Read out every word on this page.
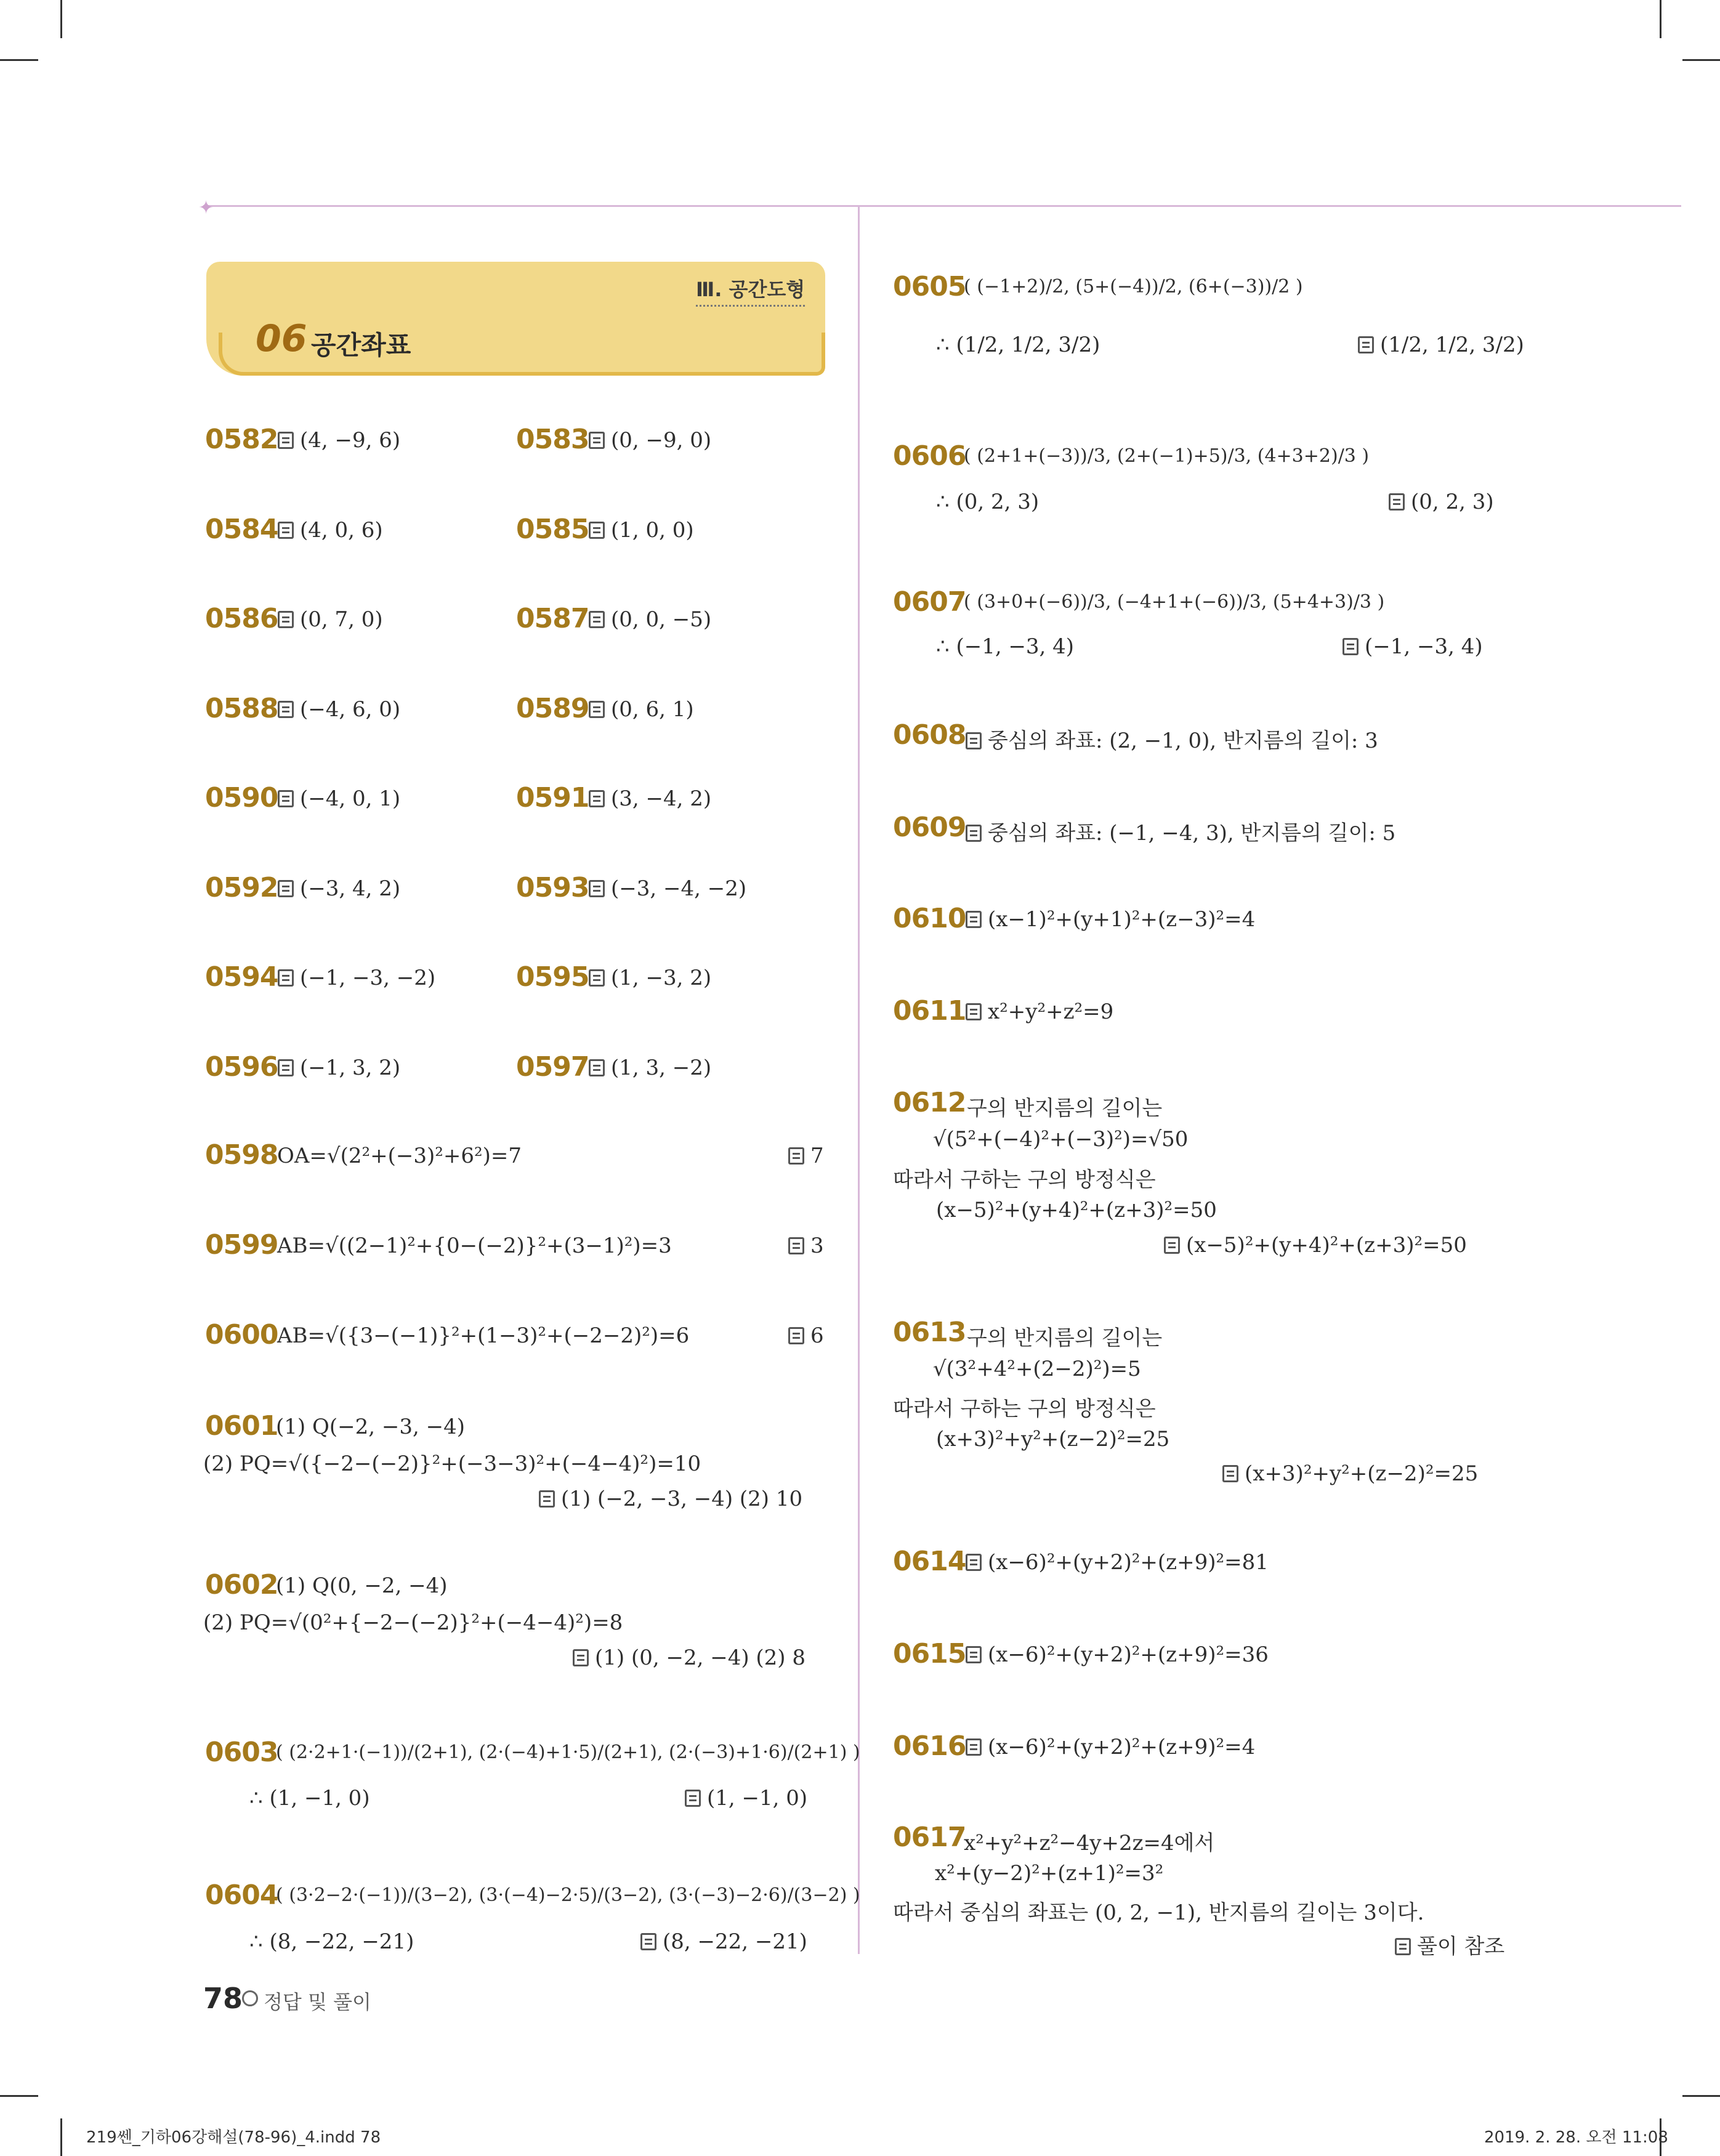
✦
Ⅲ. 공간도형
06 공간좌표
0582	(4, −9, 6)	0583	(0, −9, 0)
0584	(4, 0, 6)	0585	(1, 0, 0)
0586	(0, 7, 0)	0587	(0, 0, −5)
0588	(−4, 6, 0)	0589	(0, 6, 1)
0590	(−4, 0, 1)	0591	(3, −4, 2)
0592	(−3, 4, 2)	0593	(−3, −4, −2)
0594	(−1, −3, −2)	0595	(1, −3, 2)
0596	(−1, 3, 2)	0597	(1, 3, −2)
0598
OA=√(2²+(−3)²+6²)=7	7
0599
AB=√((2−1)²+{0−(−2)}²+(3−1)²)=3	3
0600
AB=√({3−(−1)}²+(1−3)²+(−2−2)²)=6	6
0601
(1) Q(−2, −3, −4)
(2) PQ=√({−2−(−2)}²+(−3−3)²+(−4−4)²)=10
(1) (−2, −3, −4) (2) 10
0602
(1) Q(0, −2, −4)
(2) PQ=√(0²+{−2−(−2)}²+(−4−4)²)=8
(1) (0, −2, −4) (2) 8
0603
( (2·2+1·(−1))/(2+1), (2·(−4)+1·5)/(2+1), (2·(−3)+1·6)/(2+1) )
∴ (1, −1, 0)	(1, −1, 0)
0604
( (3·2−2·(−1))/(3−2), (3·(−4)−2·5)/(3−2), (3·(−3)−2·6)/(3−2) )
∴ (8, −22, −21)	(8, −22, −21)
0605
( (−1+2)/2, (5+(−4))/2, (6+(−3))/2 )
∴ (1/2, 1/2, 3/2)	(1/2, 1/2, 3/2)
0606
( (2+1+(−3))/3, (2+(−1)+5)/3, (4+3+2)/3 )
∴ (0, 2, 3)	(0, 2, 3)
0607
( (3+0+(−6))/3, (−4+1+(−6))/3, (5+4+3)/3 )
∴ (−1, −3, 4)	(−1, −3, 4)
0608	중심의 좌표: (2, −1, 0), 반지름의 길이: 3
0609	중심의 좌표: (−1, −4, 3), 반지름의 길이: 5
0610	(x−1)²+(y+1)²+(z−3)²=4
0611	x²+y²+z²=9
0612 구의 반지름의 길이는
√(5²+(−4)²+(−3)²)=√50
따라서 구하는 구의 방정식은
(x−5)²+(y+4)²+(z+3)²=50
(x−5)²+(y+4)²+(z+3)²=50
0613 구의 반지름의 길이는
√(3²+4²+(2−2)²)=5
따라서 구하는 구의 방정식은
(x+3)²+y²+(z−2)²=25
(x+3)²+y²+(z−2)²=25
0614	(x−6)²+(y+2)²+(z+9)²=81
0615	(x−6)²+(y+2)²+(z+9)²=36
0616	(x−6)²+(y+2)²+(z+9)²=4
0617
x²+y²+z²−4y+2z=4에서
x²+(y−2)²+(z+1)²=3²
따라서 중심의 좌표는 (0, 2, −1), 반지름의 길이는 3이다.
풀이 참조
78 정답 및 풀이
219쎈_기하06강해설(78-96)_4.indd 78	2019. 2. 28. 오전 11:08
